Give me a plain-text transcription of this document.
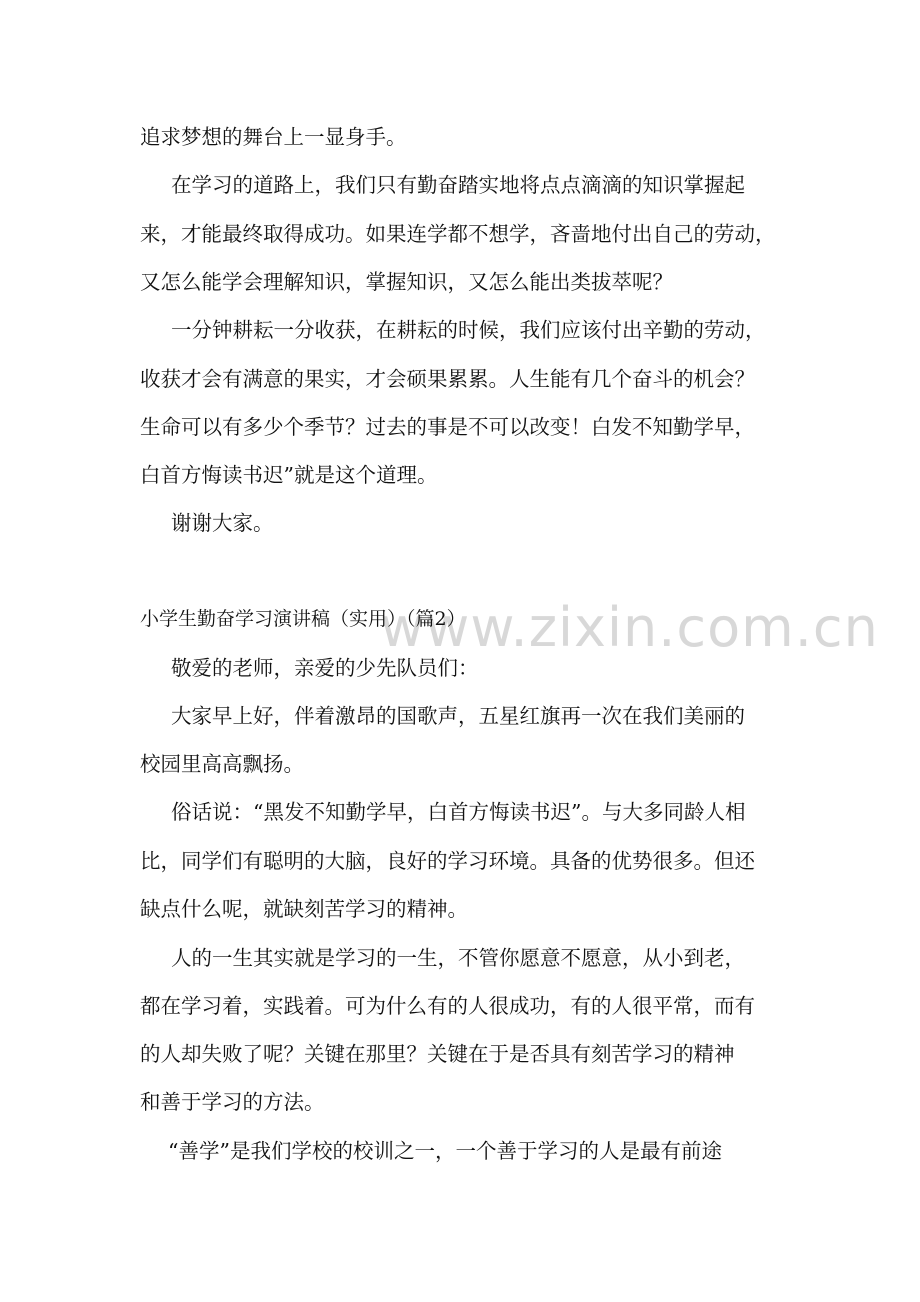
www.zixin.com.cn
追求梦想的舞台上一显身手。
在学习的道路上，我们只有勤奋踏实地将点点滴滴的知识掌握起
来，才能最终取得成功。如果连学都不想学，吝啬地付出自己的劳动，
又怎么能学会理解知识，掌握知识，又怎么能出类拔萃呢？
一分钟耕耘一分收获，在耕耘的时候，我们应该付出辛勤的劳动，
收获才会有满意的果实，才会硕果累累。人生能有几个奋斗的机会？
生命可以有多少个季节？过去的事是不可以改变！白发不知勤学早，
白首方悔读书迟”就是这个道理。
谢谢大家。
小学生勤奋学习演讲稿（实用）（篇2）
敬爱的老师，亲爱的少先队员们：
大家早上好，伴着激昂的国歌声，五星红旗再一次在我们美丽的
校园里高高飘扬。
俗话说：“黑发不知勤学早，白首方悔读书迟”。与大多同龄人相
比，同学们有聪明的大脑，良好的学习环境。具备的优势很多。但还
缺点什么呢，就缺刻苦学习的精神。
人的一生其实就是学习的一生，不管你愿意不愿意，从小到老，
都在学习着，实践着。可为什么有的人很成功，有的人很平常，而有
的人却失败了呢？关键在那里？关键在于是否具有刻苦学习的精神
和善于学习的方法。
“善学”是我们学校的校训之一，一个善于学习的人是最有前途
